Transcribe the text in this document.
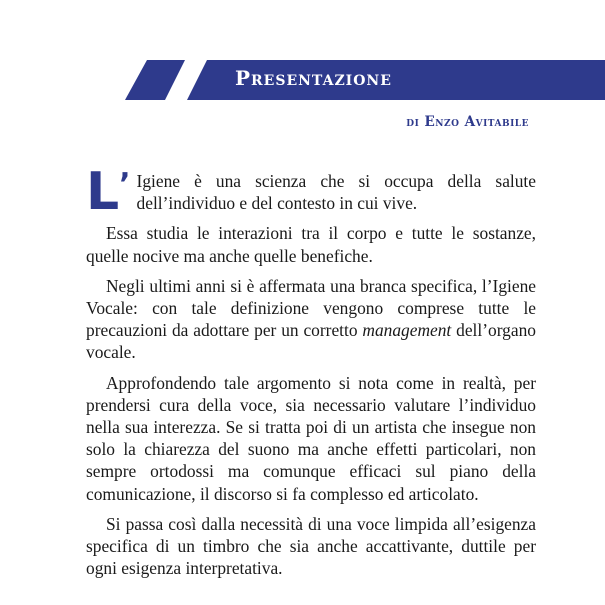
Presentazione
di Enzo Avitabile

L’ Igiene è una scienza che si occupa della salute dell’individuo e del contesto in cui vive.

Essa studia le interazioni tra il corpo e tutte le sostanze, quelle nocive ma anche quelle benefiche.

Negli ultimi anni si è affermata una branca specifica, l’Igiene Vocale: con tale definizione vengono comprese tutte le precauzioni da adottare per un corretto management dell’organo vocale.

Approfondendo tale argomento si nota come in realtà, per prendersi cura della voce, sia necessario valutare l’individuo nella sua interezza. Se si tratta poi di un artista che insegue non solo la chiarezza del suono ma anche effetti particolari, non sempre ortodossi ma comunque efficaci sul piano della comunicazione, il discorso si fa complesso ed articolato.

Si passa così dalla necessità di una voce limpida all’esigenza specifica di un timbro che sia anche accattivante, duttile per ogni esigenza interpretativa.
